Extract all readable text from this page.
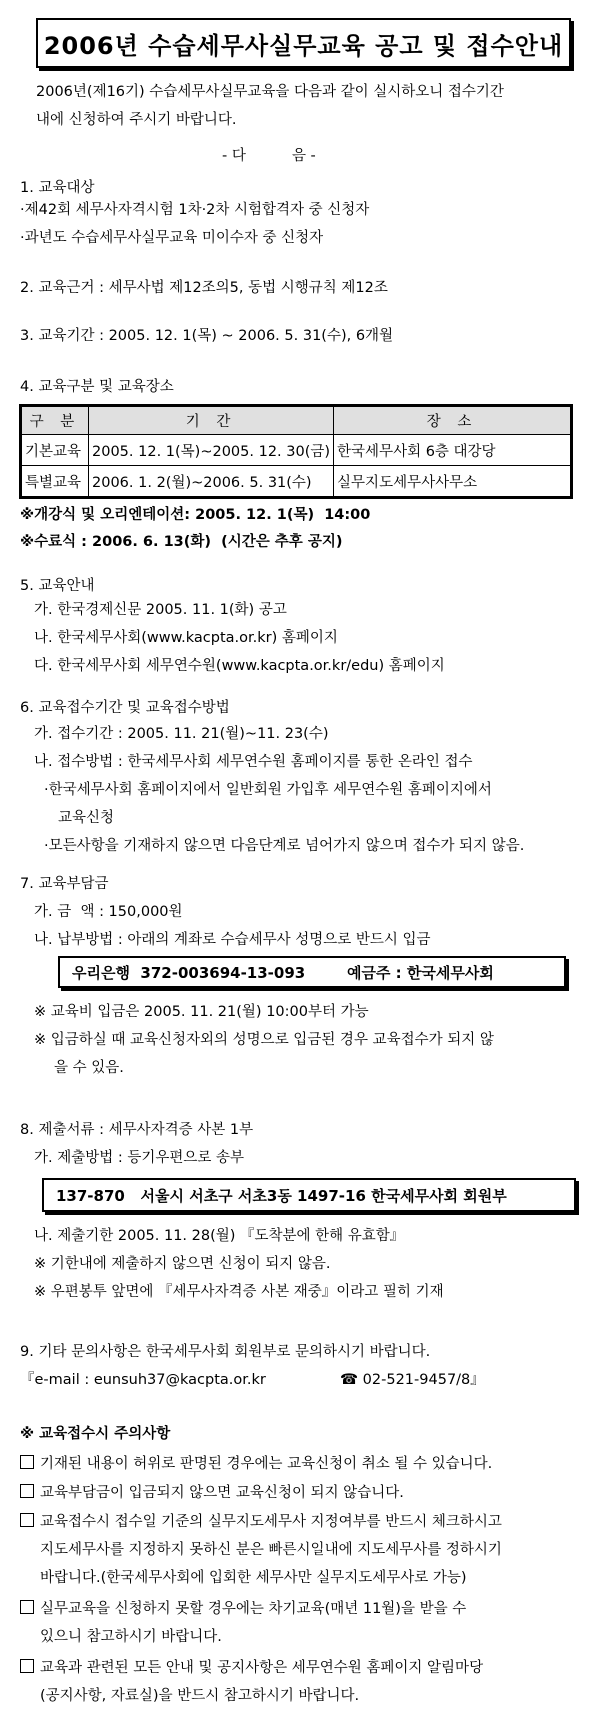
2006년 수습세무사실무교육 공고 및 접수안내
2006년(제16기) 수습세무사실무교육을 다음과 같이 실시하오니 접수기간
내에 신청하여 주시기 바랍니다.
- 다          음 -
1. 교육대상
·제42회 세무사자격시험 1차·2차 시험합격자 중 신청자
·과년도 수습세무사실무교육 미이수자 중 신청자
2. 교육근거 : 세무사법 제12조의5, 동법 시행규칙 제12조
3. 교육기간 : 2005. 12. 1(목) ~ 2006. 5. 31(수), 6개월
4. 교육구분 및 교육장소
구 분	기 간	장 소
기본교육	2005. 12. 1(목)~2005. 12. 30(금)	한국세무사회 6층 대강당
특별교육	2006. 1. 2(월)~2006. 5. 31(수)	실무지도세무사사무소
※개강식 및 오리엔테이션: 2005. 12. 1(목)  14:00
※수료식 : 2006. 6. 13(화)  (시간은 추후 공지)
5. 교육안내
가. 한국경제신문 2005. 11. 1(화) 공고
나. 한국세무사회(www.kacpta.or.kr) 홈페이지
다. 한국세무사회 세무연수원(www.kacpta.or.kr/edu) 홈페이지
6. 교육접수기간 및 교육접수방법
가. 접수기간 : 2005. 11. 21(월)~11. 23(수)
나. 접수방법 : 한국세무사회 세무연수원 홈페이지를 통한 온라인 접수
·한국세무사회 홈페이지에서 일반회원 가입후 세무연수원 홈페이지에서
교육신청
·모든사항을 기재하지 않으면 다음단계로 넘어가지 않으며 접수가 되지 않음.
7. 교육부담금
가. 금  액 : 150,000원
나. 납부방법 : 아래의 계좌로 수습세무사 성명으로 반드시 입금
우리은행  372-003694-13-093        예금주 : 한국세무사회
※ 교육비 입금은 2005. 11. 21(월) 10:00부터 가능
※ 입금하실 때 교육신청자외의 성명으로 입금된 경우 교육접수가 되지 않
을 수 있음.
8. 제출서류 : 세무사자격증 사본 1부
가. 제출방법 : 등기우편으로 송부
137-870   서울시 서초구 서초3동 1497-16 한국세무사회 회원부
나. 제출기한 2005. 11. 28(월) 『도착분에 한해 유효함』
※ 기한내에 제출하지 않으면 신청이 되지 않음.
※ 우편봉투 앞면에 『세무사자격증 사본 재중』이라고 필히 기재
9. 기타 문의사항은 한국세무사회 회원부로 문의하시기 바랍니다.
『e-mail : eunsuh37@kacpta.or.kr	☎ 02-521-9457/8』
※ 교육접수시 주의사항
기재된 내용이 허위로 판명된 경우에는 교육신청이 취소 될 수 있습니다.
교육부담금이 입금되지 않으면 교육신청이 되지 않습니다.
교육접수시 접수일 기준의 실무지도세무사 지정여부를 반드시 체크하시고
지도세무사를 지정하지 못하신 분은 빠른시일내에 지도세무사를 정하시기
바랍니다.(한국세무사회에 입회한 세무사만 실무지도세무사로 가능)
실무교육을 신청하지 못할 경우에는 차기교육(매년 11월)을 받을 수
있으니 참고하시기 바랍니다.
교육과 관련된 모든 안내 및 공지사항은 세무연수원 홈페이지 알림마당
(공지사항, 자료실)을 반드시 참고하시기 바랍니다.
